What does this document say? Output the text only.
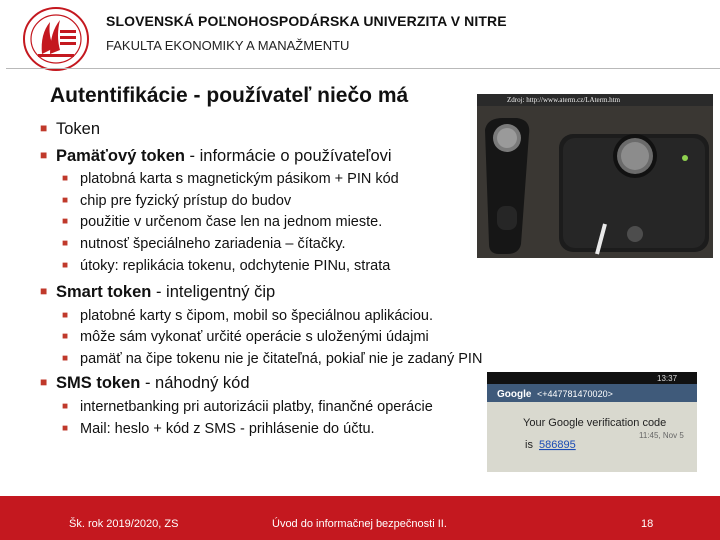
SLOVENSKÁ POĽNOHOSPODÁRSKA UNIVERZITA V NITRE
FAKULTA EKONOMIKY A MANAŽMENTU
Autentifikácie - používateľ niečo má
■ Token
■ Pamäťový token - informácie o používateľovi
■ platobná karta s magnetickým pásikom + PIN kód
■ chip pre fyzický prístup do budov
■ použitie v určenom čase len na jednom mieste.
■ nutnosť špeciálneho zariadenia – čítačky.
■ útoky: replikácia tokenu, odchytenie PINu, strata
■ Smart token - inteligentný čip
■ platobné karty s čipom, mobil so špeciálnou aplikáciou.
■ môže sám vykonať určité operácie s uloženými údajmi
■ pamäť na čipe tokenu nie je čitateľná, pokiaľ nie je zadaný PIN
■ SMS token - náhodný kód
■ internetbanking pri autorizácii platby, finančné operácie
■ Mail: heslo + kód z SMS - prihlásenie do účtu.
Zdroj: http://www.aterm.cz/LAterm.htm
13:37
Google <+447781470020>
Your Google verification code
is 586895
11:45, Nov 5
Šk. rok 2019/2020, ZS	Úvod do informačnej bezpečnosti II.	18
